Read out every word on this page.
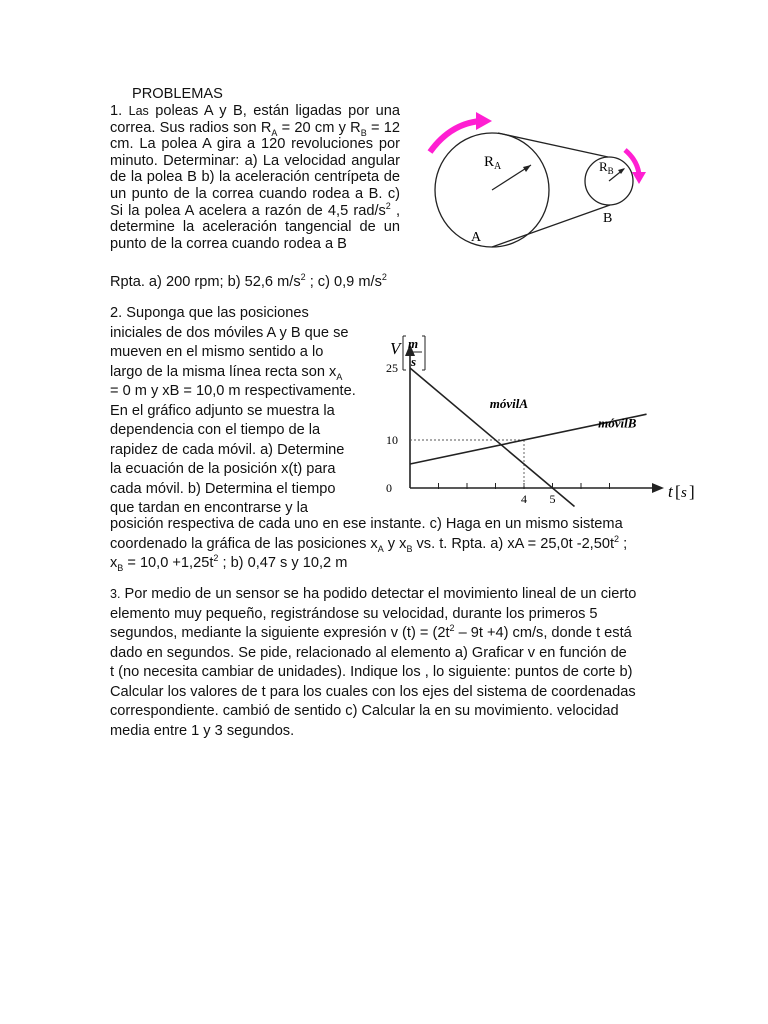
PROBLEMAS

1. Las poleas A y B, están ligadas por una correa. Sus radios son $R_A = 20$ cm y $R_B = 12$ cm. La polea A gira a 120 revoluciones por minuto. Determinar: a) La velocidad angular de la polea B b) la aceleración centrípeta de un punto de la correa cuando rodea a B. c) Si la polea A acelera a razón de 4,5 rad/$s^2$ , determine la aceleración tangencial de un punto de la correa cuando rodea a B

Rpta. a) 200 rpm; b) 52,6 $m/s^2$ ; c) 0,9 $m/s^2$

$R_A$	$R_B$
A
B
2. Suponga que las posiciones
iniciales de dos móviles A y B que se
mueven en el mismo sentido a lo
largo de la misma línea recta son $x_A$
= 0 m y xB = 10,0 m respectivamente.
En el gráfico adjunto se muestra la
dependencia con el tiempo de la
rapidez de cada móvil. a) Determine
la ecuación de la posición x(t) para
cada móvil. b) Determina el tiempo
que tardan en encontrarse y la
25
10
0
4 5
móvilA
móvilB
V m
s
t [ s ]
posición respectiva de cada uno en ese instante. c) Haga en un mismo sistema
coordenado la gráfica de las posiciones $x_A$ y $x_B$ vs. t. Rpta. a) xA = 25,0t $-2,50t^2$ ;
$x_B = 10,0 +1,25t^2$ ; b) 0,47 s y 10,2 m
3. Por medio de un sensor se ha podido detectar el movimiento lineal de un cierto
elemento muy pequeño, registrándose su velocidad, durante los primeros 5
segundos, mediante la siguiente expresión v $(t) = (2t^2 - 9t +4)$ cm/s, donde t está
dado en segundos. Se pide, relacionado al elemento a) Graficar v en función de
t (no necesita cambiar de unidades). Indique los , lo siguiente: puntos de corte b)
Calcular los valores de t para los cuales con los ejes del sistema de coordenadas
correspondiente. cambió de sentido c) Calcular la en su movimiento. velocidad
media entre 1 y 3 segundos.
